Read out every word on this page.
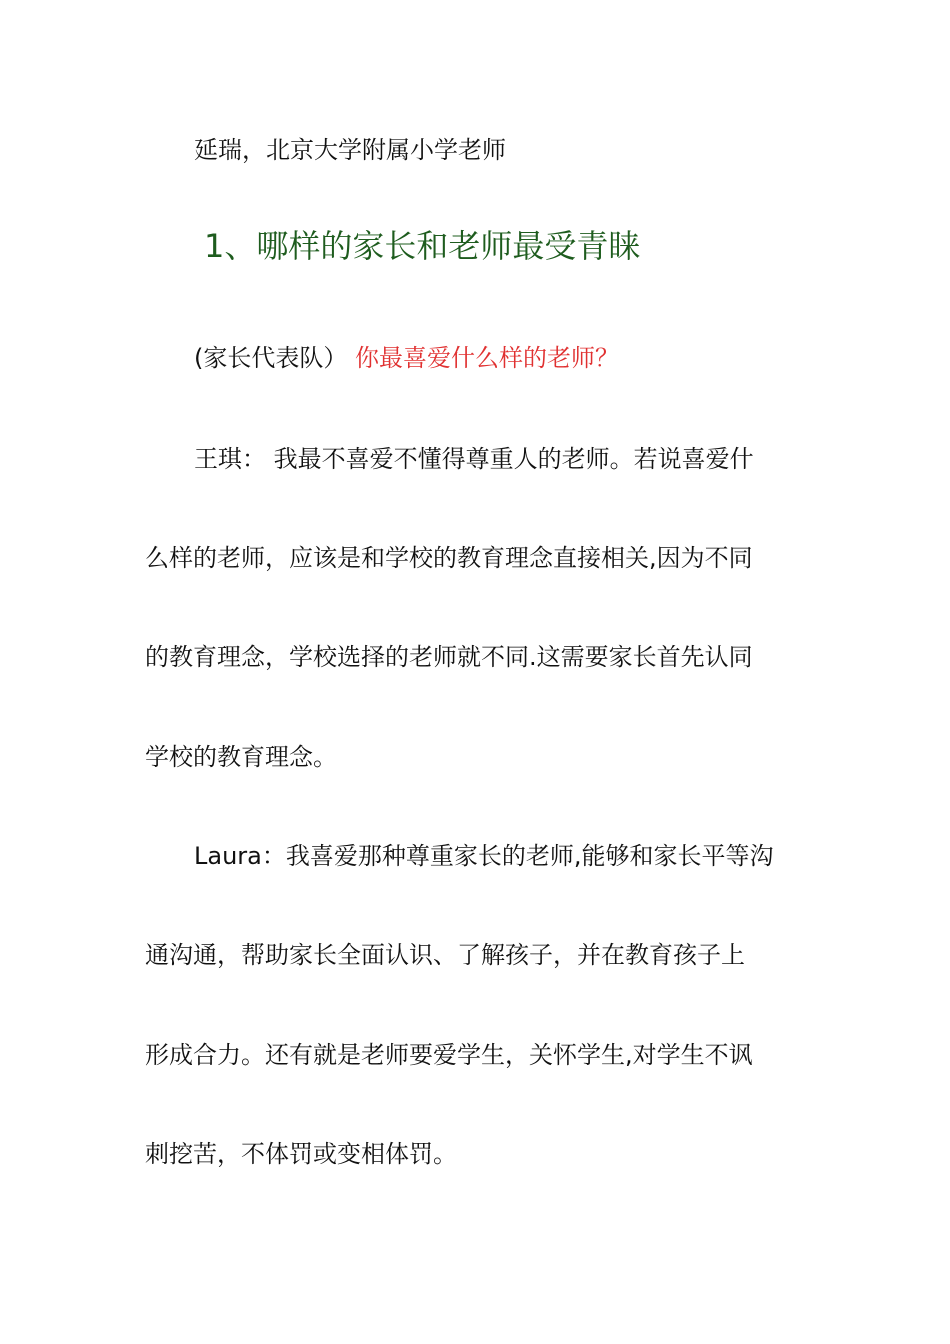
延瑞，北京大学附属小学老师
1、哪样的家长和老师最受青睐
(家长代表队） 你最喜爱什么样的老师？
王琪： 我最不喜爱不懂得尊重人的老师。若说喜爱什
么样的老师，应该是和学校的教育理念直接相关,因为不同
的教育理念，学校选择的老师就不同.这需要家长首先认同
学校的教育理念。
Laura：我喜爱那种尊重家长的老师,能够和家长平等沟
通沟通，帮助家长全面认识、了解孩子，并在教育孩子上
形成合力。还有就是老师要爱学生，关怀学生,对学生不讽
刺挖苦，不体罚或变相体罚。
